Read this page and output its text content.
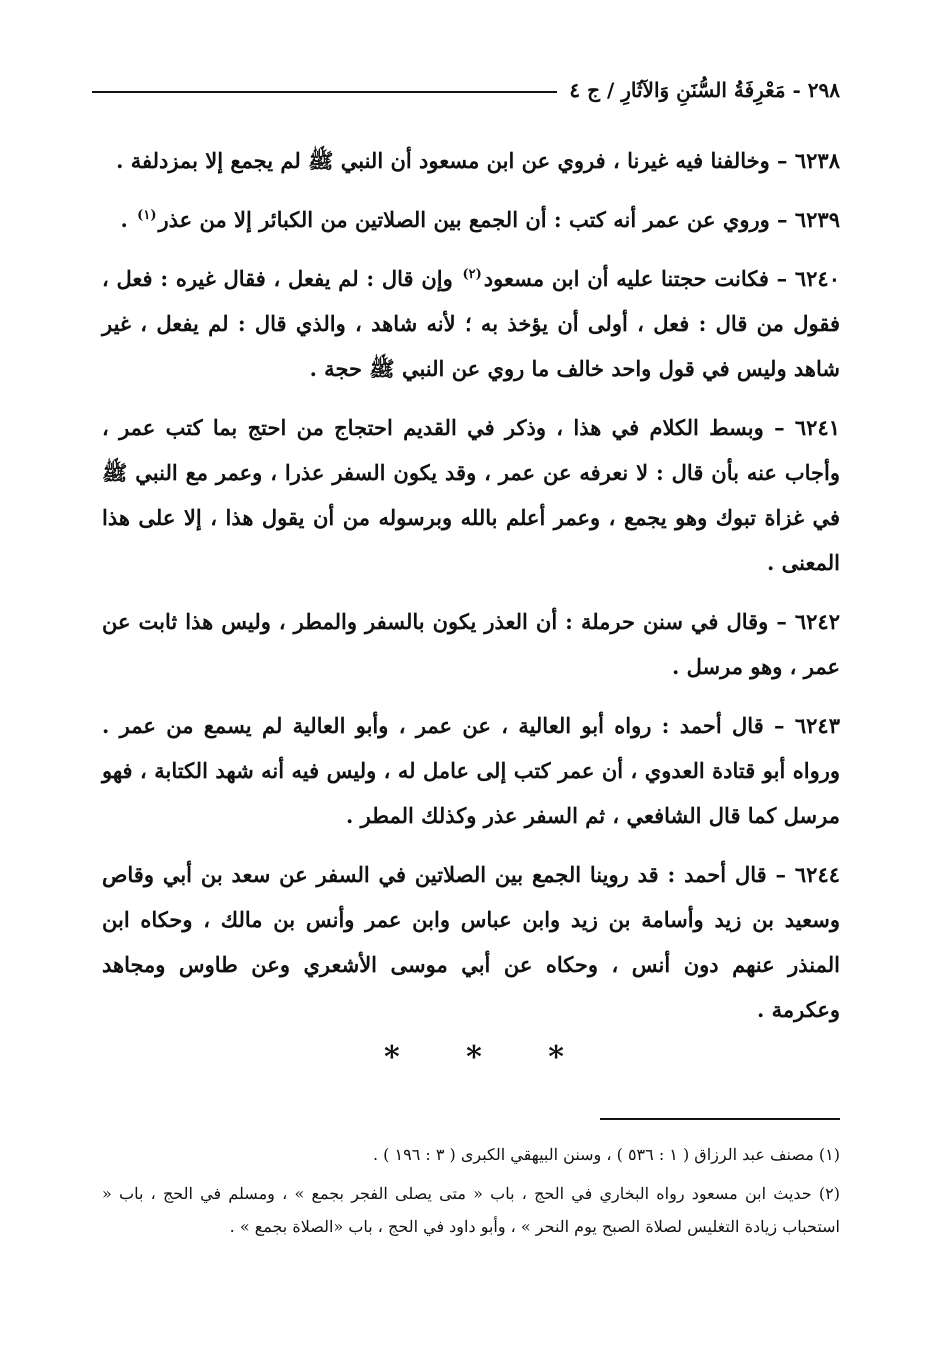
٢٩٨ - مَعْرِفَةُ السُّنَنِ وَالآثَارِ / ج ٤

٦٢٣٨ – وخالفنا فيه غيرنا ، فروي عن ابن مسعود أن النبي ﷺ لم يجمع إلا بمزدلفة .

٦٢٣٩ – وروي عن عمر أنه كتب : أن الجمع بين الصلاتين من الكبائر إلا من عذر$^{(١)}$ .

٦٢٤٠ – فكانت حجتنا عليه أن ابن مسعود$^{(٢)}$ وإن قال : لم يفعل ، فقال غيره : فعل ، فقول من قال : فعل ، أولى أن يؤخذ به ؛ لأنه شاهد ، والذي قال : لم يفعل ، غير شاهد وليس في قول واحد خالف ما روي عن النبي ﷺ حجة .

٦٢٤١ – وبسط الكلام في هذا ، وذكر في القديم احتجاج من احتج بما كتب عمر ، وأجاب عنه بأن قال : لا نعرفه عن عمر ، وقد يكون السفر عذرا ، وعمر مع النبي ﷺ في غزاة تبوك وهو يجمع ، وعمر أعلم بالله وبرسوله من أن يقول هذا ، إلا على هذا المعنى .

٦٢٤٢ – وقال في سنن حرملة : أن العذر يكون بالسفر والمطر ، وليس هذا ثابت عن عمر ، وهو مرسل .

٦٢٤٣ – قال أحمد : رواه أبو العالية ، عن عمر ، وأبو العالية لم يسمع من عمر . ورواه أبو قتادة العدوي ، أن عمر كتب إلى عامل له ، وليس فيه أنه شهد الكتابة ، فهو مرسل كما قال الشافعي ، ثم السفر عذر وكذلك المطر .

٦٢٤٤ – قال أحمد : قد روينا الجمع بين الصلاتين في السفر عن سعد بن أبي وقاص وسعيد بن زيد وأسامة بن زيد وابن عباس وابن عمر وأنس بن مالك ، وحكاه ابن المنذر عنهم دون أنس ، وحكاه عن أبي موسى الأشعري وعن طاوس ومجاهد وعكرمة .

* * *

(١) مصنف عبد الرزاق ( ١ : ٥٣٦ ) ، وسنن البيهقي الكبرى ( ٣ : ١٩٦ ) .

(٢) حديث ابن مسعود رواه البخاري في الحج ، باب « متى يصلى الفجر بجمع » ، ومسلم في الحج ، باب « استحباب زيادة التغليس لصلاة الصبح يوم النحر » ، وأبو داود في الحج ، باب «الصلاة بجمع » .
